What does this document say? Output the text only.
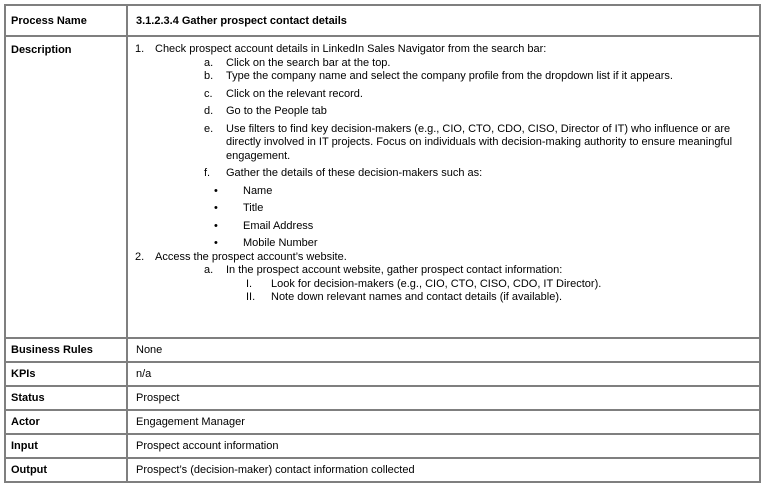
Process Name	3.1.2.3.4 Gather prospect contact details
Description	1. Check prospect account details in LinkedIn Sales Navigator from the search bar:
a.	Click on the search bar at the top.
b.	Type the company name and select the company profile from the dropdown list if it appears.
c.	Click on the relevant record.
d.	Go to the People tab
e.	Use filters to find key decision-makers (e.g., CIO, CTO, CDO, CISO, Director of IT) who influence or are directly involved in IT projects. Focus on individuals with decision-making authority to ensure meaningful engagement.
f.	Gather the details of these decision-makers such as:
•	Name
•	Title
•	Email Address
•	Mobile Number
2. Access the prospect account’s website.
a.	In the prospect account website, gather prospect contact information:
I.	Look for decision-makers (e.g., CIO, CTO, CISO, CDO, IT Director).
II.	Note down relevant names and contact details (if available).

Business Rules	None
KPIs	n/a
Status	Prospect
Actor	Engagement Manager
Input	Prospect account information
Output	Prospect’s (decision-maker) contact information collected
